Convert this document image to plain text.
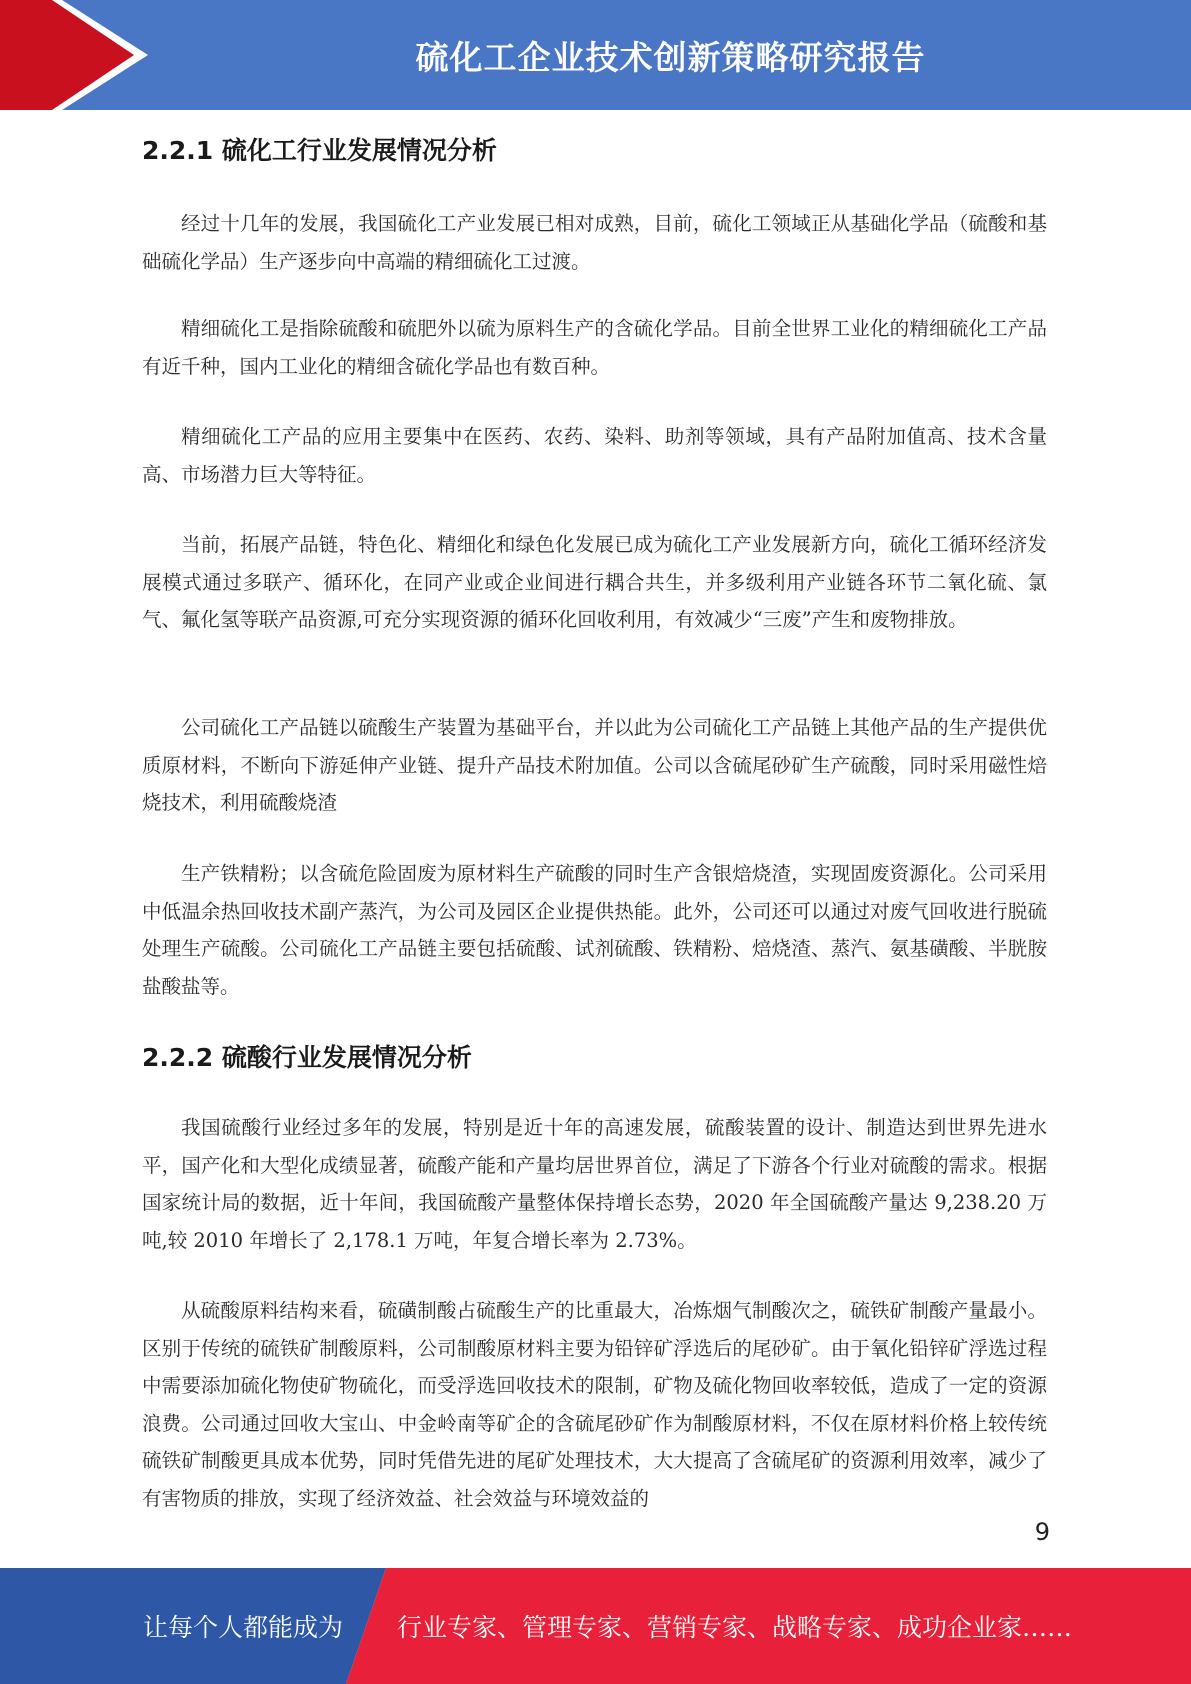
硫化工企业技术创新策略研究报告
2.2.1 硫化工行业发展情况分析

经过十几年的发展，我国硫化工产业发展已相对成熟，目前，硫化工领域正从基础化学品（硫酸和基础硫化学品）生产逐步向中高端的精细硫化工过渡。

精细硫化工是指除硫酸和硫肥外以硫为原料生产的含硫化学品。目前全世界工业化的精细硫化工产品有近千种，国内工业化的精细含硫化学品也有数百种。

精细硫化工产品的应用主要集中在医药、农药、染料、助剂等领域，具有产品附加值高、技术含量高、市场潜力巨大等特征。

当前，拓展产品链，特色化、精细化和绿色化发展已成为硫化工产业发展新方向，硫化工循环经济发展模式通过多联产、循环化，在同产业或企业间进行耦合共生，并多级利用产业链各环节二氧化硫、氯气、氟化氢等联产品资源,可充分实现资源的循环化回收利用，有效减少“三废”产生和废物排放。

公司硫化工产品链以硫酸生产装置为基础平台，并以此为公司硫化工产品链上其他产品的生产提供优质原材料，不断向下游延伸产业链、提升产品技术附加值。公司以含硫尾砂矿生产硫酸，同时采用磁性焙烧技术，利用硫酸烧渣

生产铁精粉；以含硫危险固废为原材料生产硫酸的同时生产含银焙烧渣，实现固废资源化。公司采用中低温余热回收技术副产蒸汽，为公司及园区企业提供热能。此外，公司还可以通过对废气回收进行脱硫处理生产硫酸。公司硫化工产品链主要包括硫酸、试剂硫酸、铁精粉、焙烧渣、蒸汽、氨基磺酸、半胱胺盐酸盐等。

2.2.2 硫酸行业发展情况分析

我国硫酸行业经过多年的发展，特别是近十年的高速发展，硫酸装置的设计、制造达到世界先进水平，国产化和大型化成绩显著，硫酸产能和产量均居世界首位，满足了下游各个行业对硫酸的需求。根据国家统计局的数据，近十年间，我国硫酸产量整体保持增长态势，2020 年全国硫酸产量达 9,238.20 万吨,较 2010 年增长了 2,178.1 万吨，年复合增长率为 2.73%。

从硫酸原料结构来看，硫磺制酸占硫酸生产的比重最大，冶炼烟气制酸次之，硫铁矿制酸产量最小。区别于传统的硫铁矿制酸原料，公司制酸原材料主要为铅锌矿浮选后的尾砂矿。由于氧化铅锌矿浮选过程中需要添加硫化物使矿物硫化，而受浮选回收技术的限制，矿物及硫化物回收率较低，造成了一定的资源浪费。公司通过回收大宝山、中金岭南等矿企的含硫尾砂矿作为制酸原材料，不仅在原材料价格上较传统硫铁矿制酸更具成本优势，同时凭借先进的尾矿处理技术，大大提高了含硫尾矿的资源利用效率，减少了有害物质的排放，实现了经济效益、社会效益与环境效益的

9
让每个人都能成为 行业专家、管理专家、营销专家、战略专家、成功企业家……
